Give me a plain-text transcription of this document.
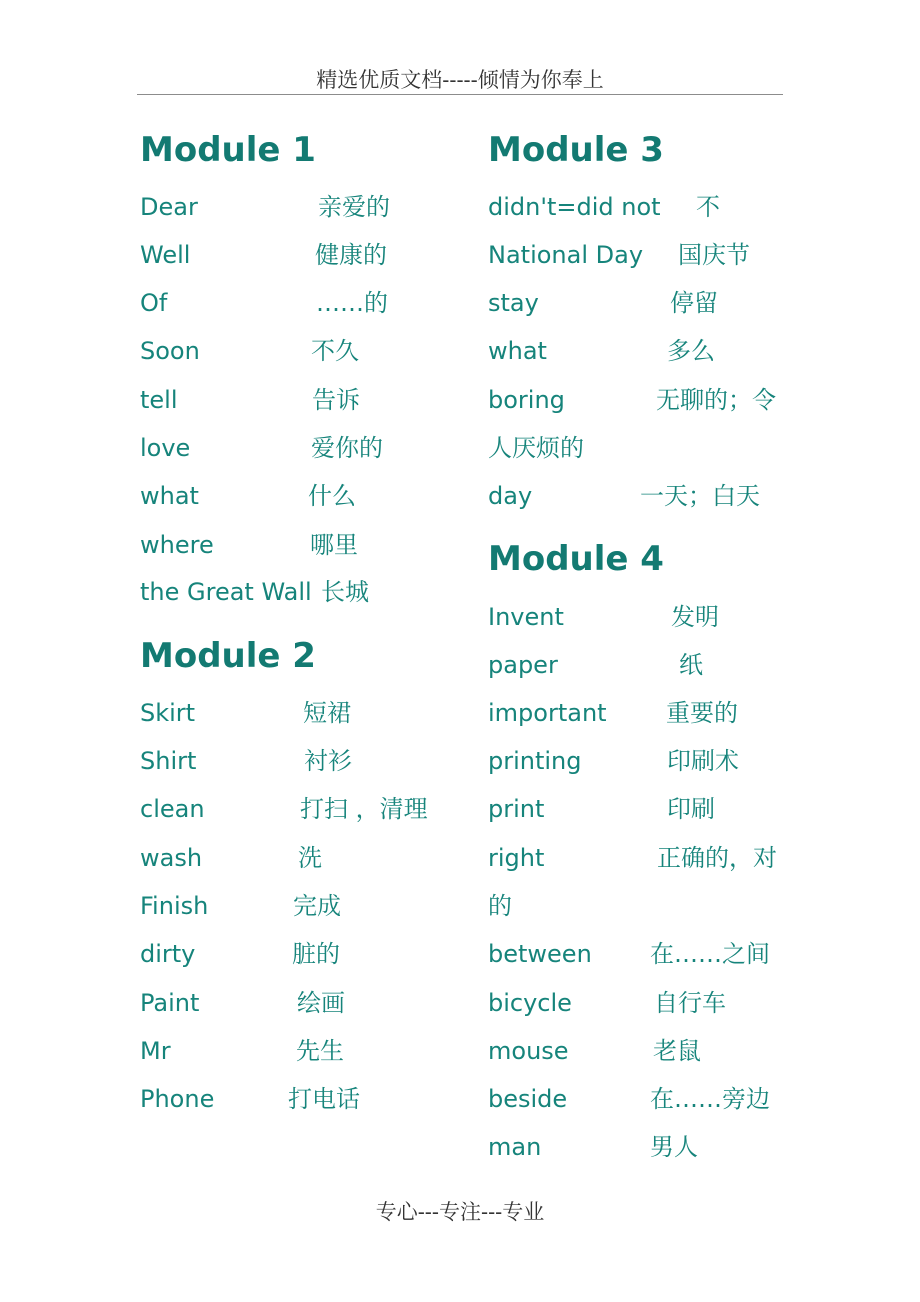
精选优质文档-----倾情为你奉上
Module 1
Dear	亲爱的
Well	健康的
Of	……的
Soon	不久
tell	告诉
love	爱你的
what	什么
where	哪里
the Great Wall 长城
Module 2
Skirt	短裙
Shirt	衬衫
clean	打扫 ，清理
wash	洗
Finish	完成
dirty	脏的
Paint	绘画
Mr	先生
Phone	打电话
Module 3
didn't=did not 不
National Day 国庆节
stay	停留
what	多么
boring	无聊的；令
人厌烦的
day	一天；白天
Module 4
Invent	发明
paper	纸
important 重要的
printing	印刷术
print	印刷
right	正确的，对
的
between 在……之间
bicycle	自行车
mouse	老鼠
beside	在……旁边
man	男人
专心---专注---专业
